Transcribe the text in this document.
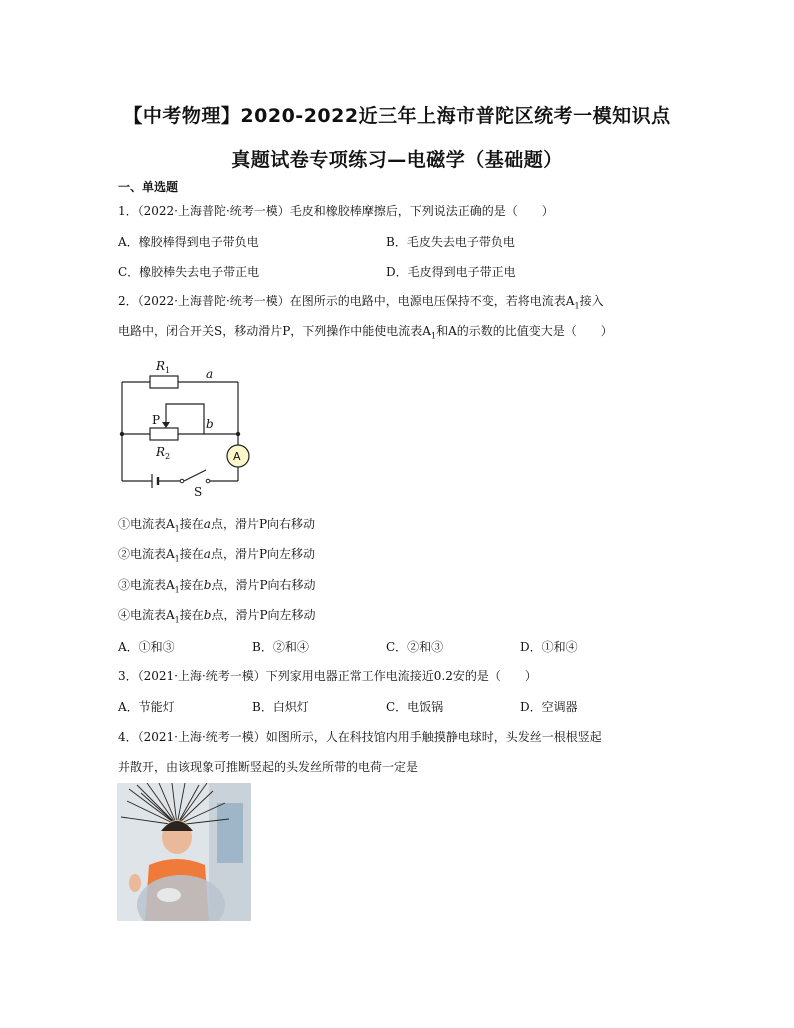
【中考物理】2020-2022近三年上海市普陀区统考一模知识点
真题试卷专项练习—电磁学（基础题）
一、单选题
1．（2022·上海普陀·统考一模）毛皮和橡胶棒摩擦后，下列说法正确的是（　　）
A．橡胶棒得到电子带负电	B．毛皮失去电子带负电
C．橡胶棒失去电子带正电	D．毛皮得到电子带正电
2．（2022·上海普陀·统考一模）在图所示的电路中，电源电压保持不变，若将电流表$A_1$接入
电路中，闭合开关S，移动滑片P，下列操作中能使电流表$A_1$和A的示数的比值变大是（　　）
R 1	a
P	b
R 2	A
S
①电流表$A_1$接在a点，滑片P向右移动
②电流表$A_1$接在a点，滑片P向左移动
③电流表$A_1$接在b点，滑片P向右移动
④电流表$A_1$接在b点，滑片P向左移动
A．①和③	B．②和④	C．②和③	D．①和④
3．（2021·上海·统考一模）下列家用电器正常工作电流接近0.2安的是（　　）
A．节能灯	B．白炽灯	C．电饭锅	D．空调器
4．（2021·上海·统考一模）如图所示，人在科技馆内用手触摸静电球时，头发丝一根根竖起
并散开，由该现象可推断竖起的头发丝所带的电荷一定是
